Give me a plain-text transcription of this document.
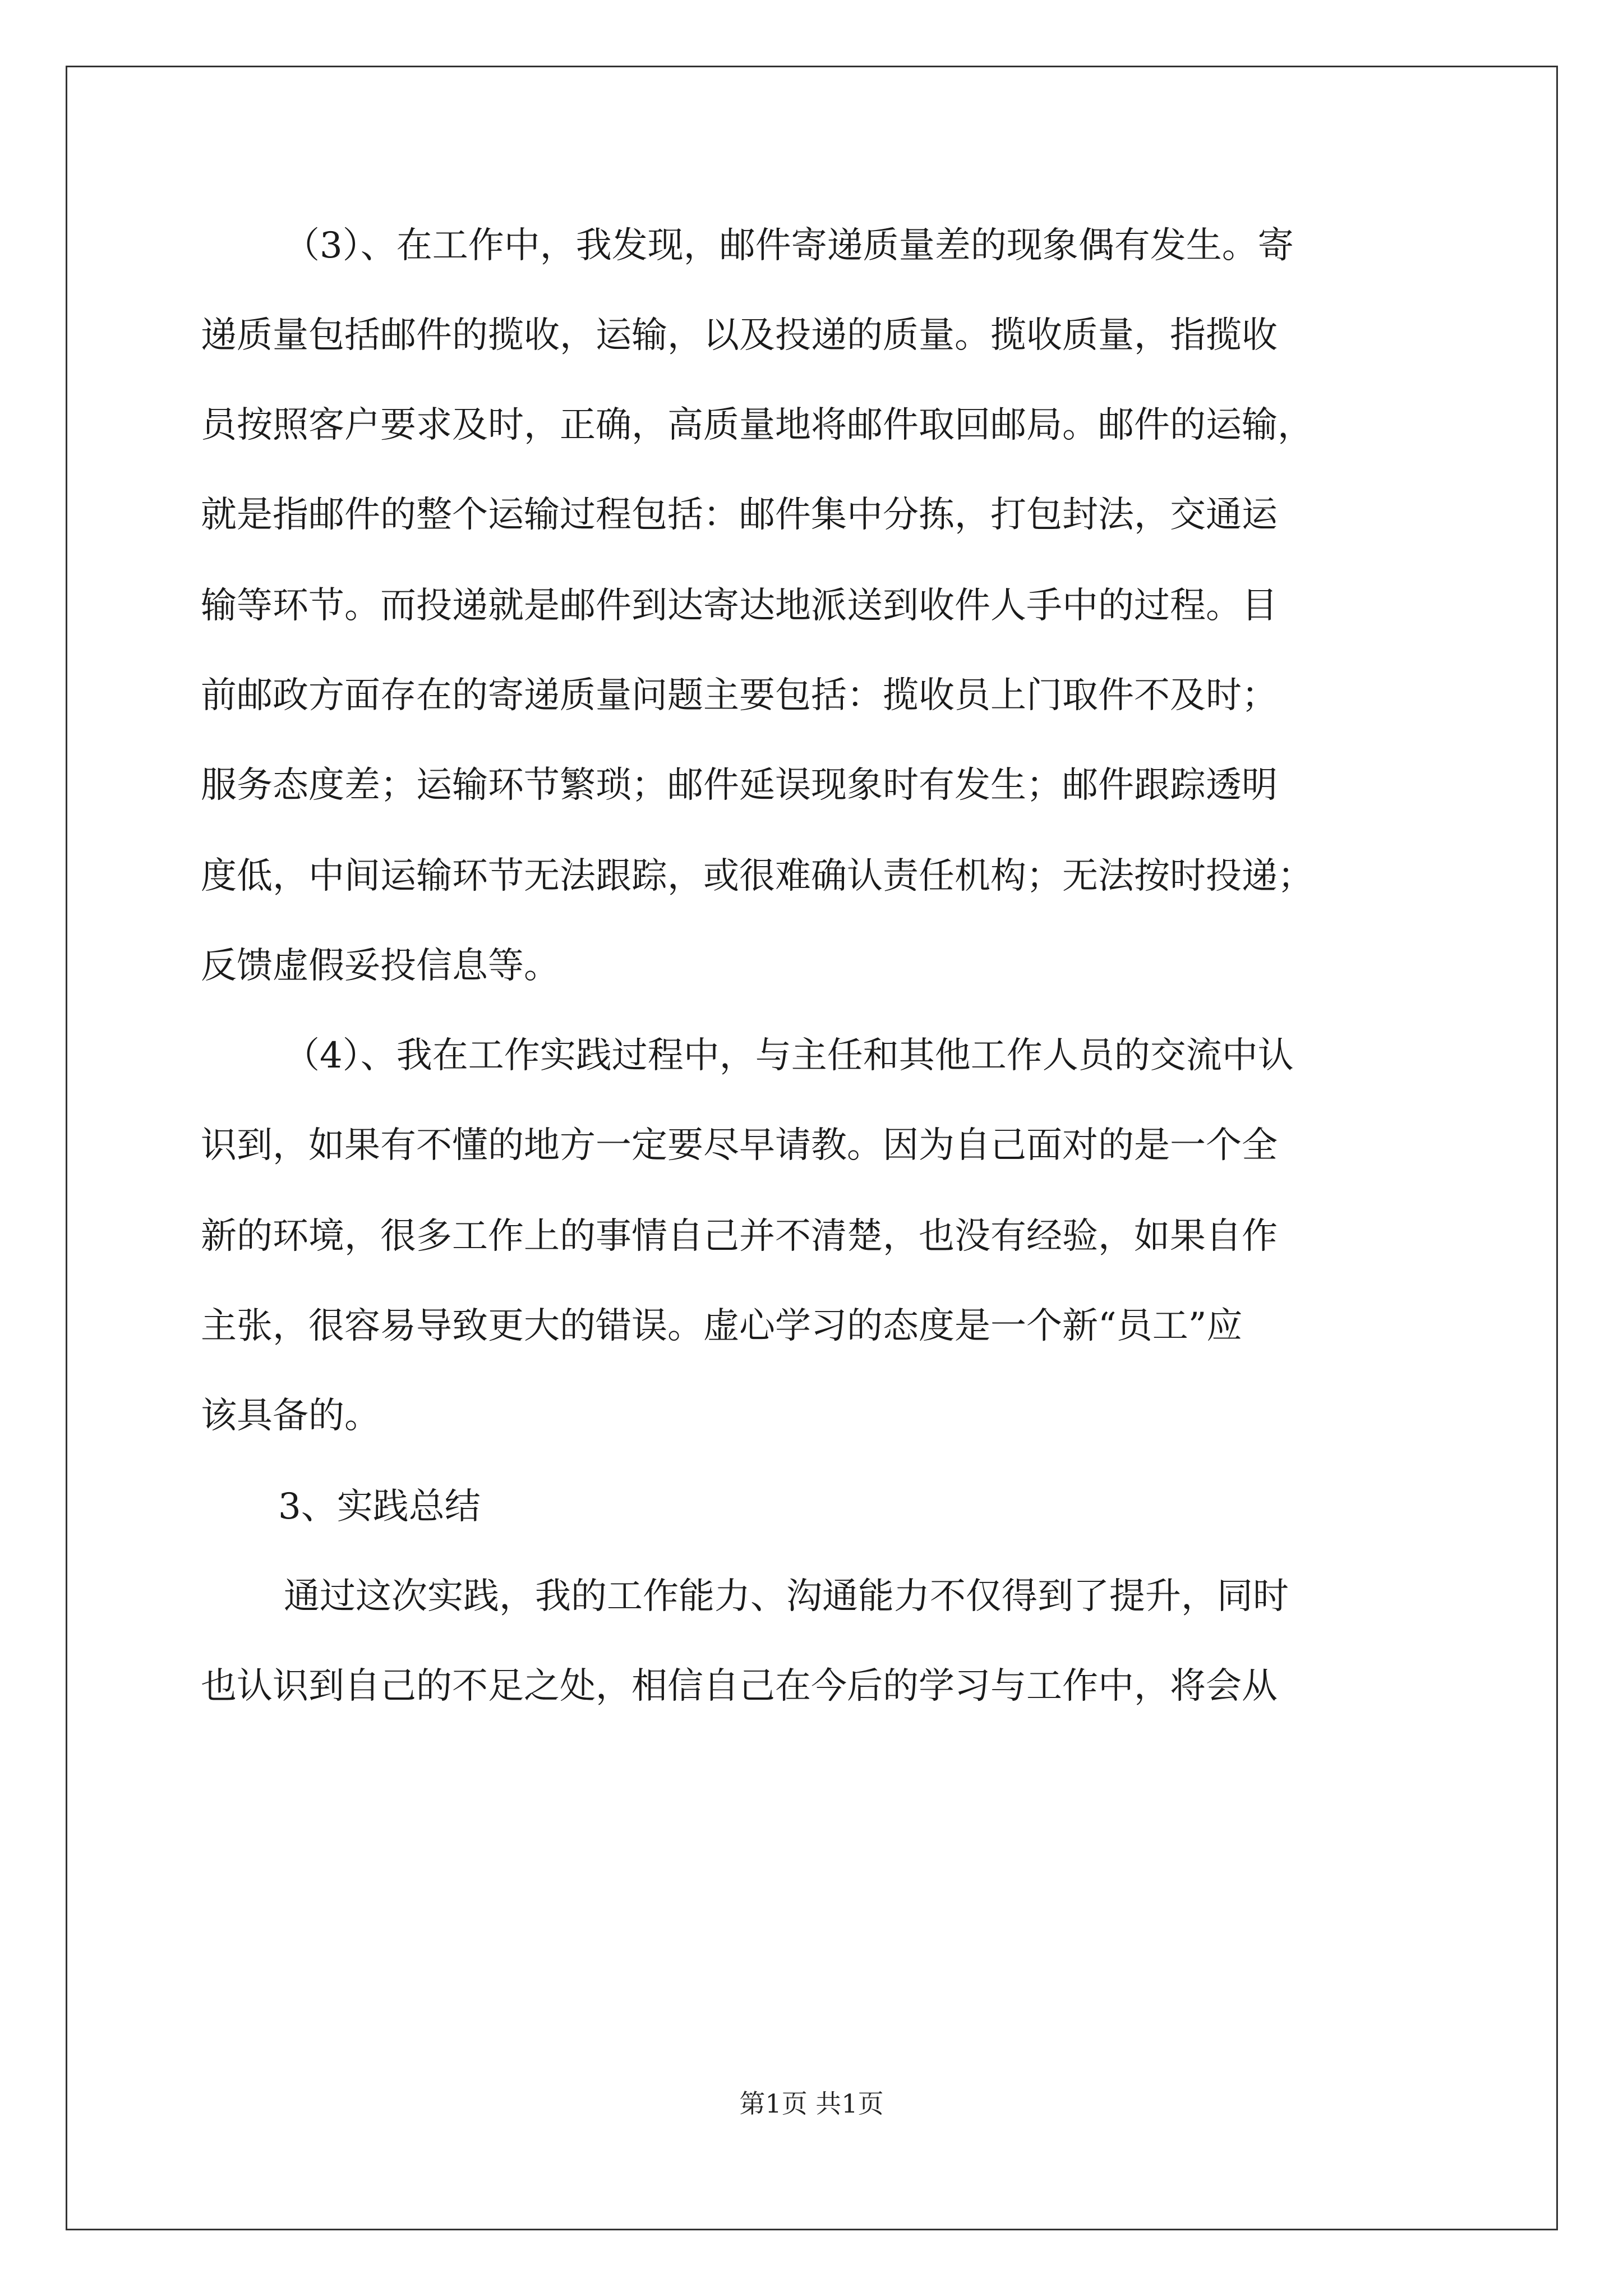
（3）、在工作中，我发现，邮件寄递质量差的现象偶有发生。寄
递质量包括邮件的揽收，运输，以及投递的质量。揽收质量，指揽收
员按照客户要求及时，正确，高质量地将邮件取回邮局。邮件的运输，
就是指邮件的整个运输过程包括：邮件集中分拣，打包封法，交通运
输等环节。而投递就是邮件到达寄达地派送到收件人手中的过程。目
前邮政方面存在的寄递质量问题主要包括：揽收员上门取件不及时；
服务态度差；运输环节繁琐；邮件延误现象时有发生；邮件跟踪透明
度低，中间运输环节无法跟踪，或很难确认责任机构；无法按时投递；
反馈虚假妥投信息等。
（4）、我在工作实践过程中，与主任和其他工作人员的交流中认
识到，如果有不懂的地方一定要尽早请教。因为自己面对的是一个全
新的环境，很多工作上的事情自己并不清楚，也没有经验，如果自作
主张，很容易导致更大的错误。虚心学习的态度是一个新“员工”应
该具备的。
3、实践总结
通过这次实践，我的工作能力、沟通能力不仅得到了提升，同时
也认识到自己的不足之处，相信自己在今后的学习与工作中，将会从
第1页 共1页
